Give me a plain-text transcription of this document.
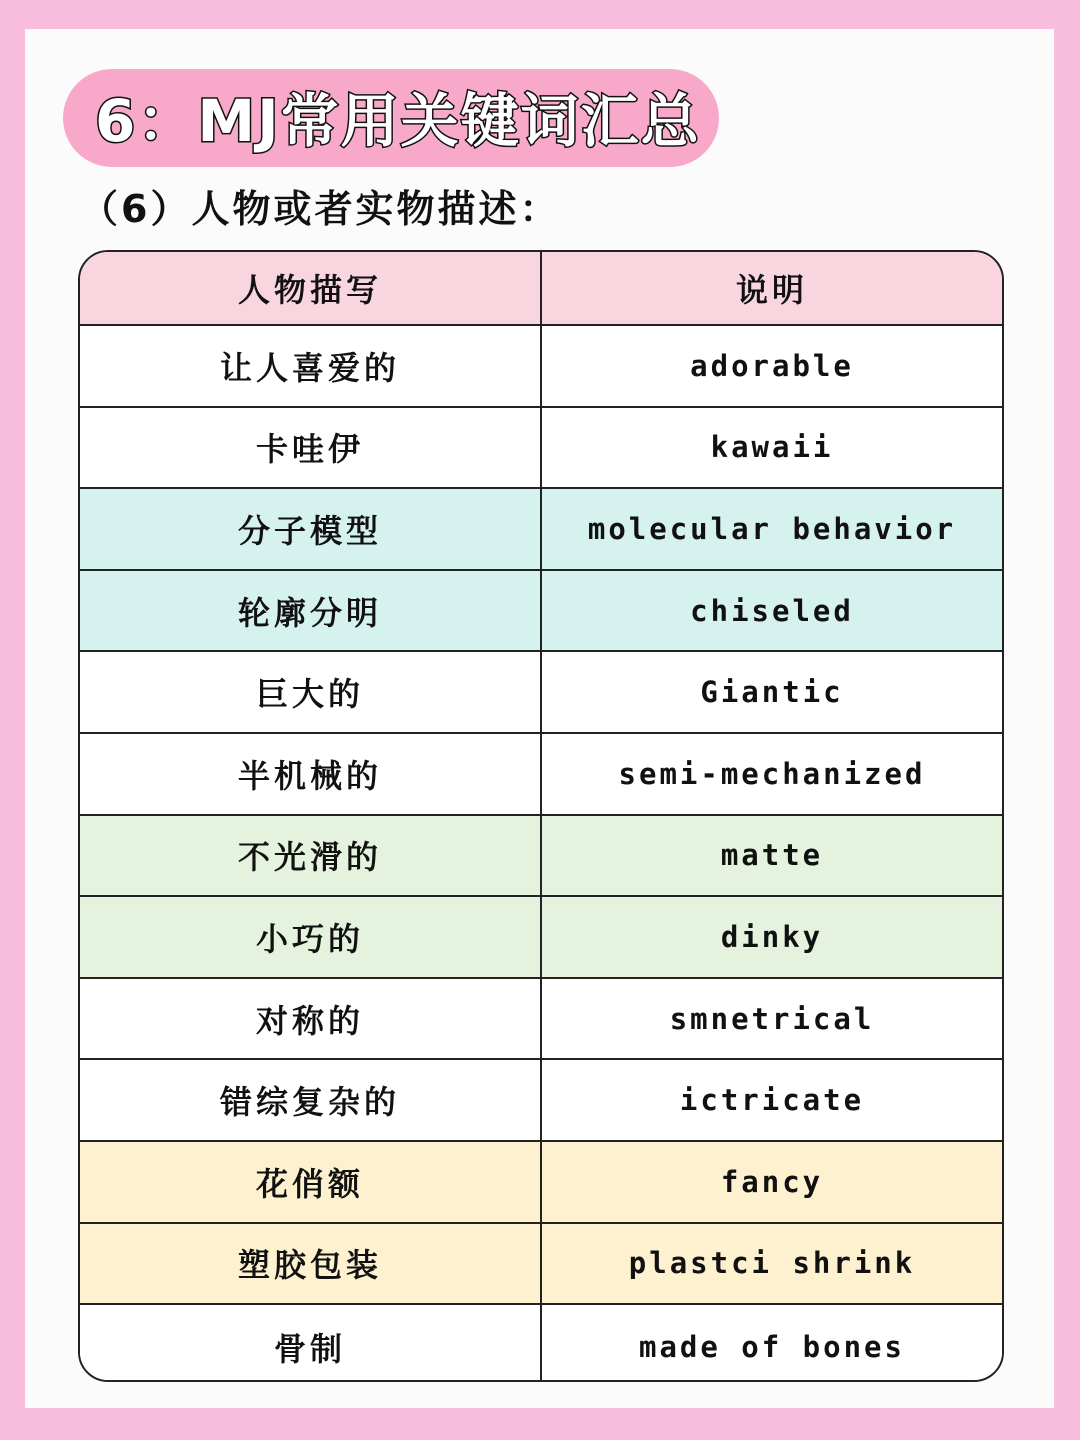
6：MJ常用关键词汇总
（6）人物或者实物描述：
人物描写	说明
让人喜爱的	adorable
卡哇伊	kawaii
分子模型	molecular behavior
轮廓分明	chiseled
巨大的	Giantic
半机械的	semi-mechanized
不光滑的	matte
小巧的	dinky
对称的	smnetrical
错综复杂的	ictricate
花俏额	fancy
塑胶包装	plastci shrink
骨制	made of bones
